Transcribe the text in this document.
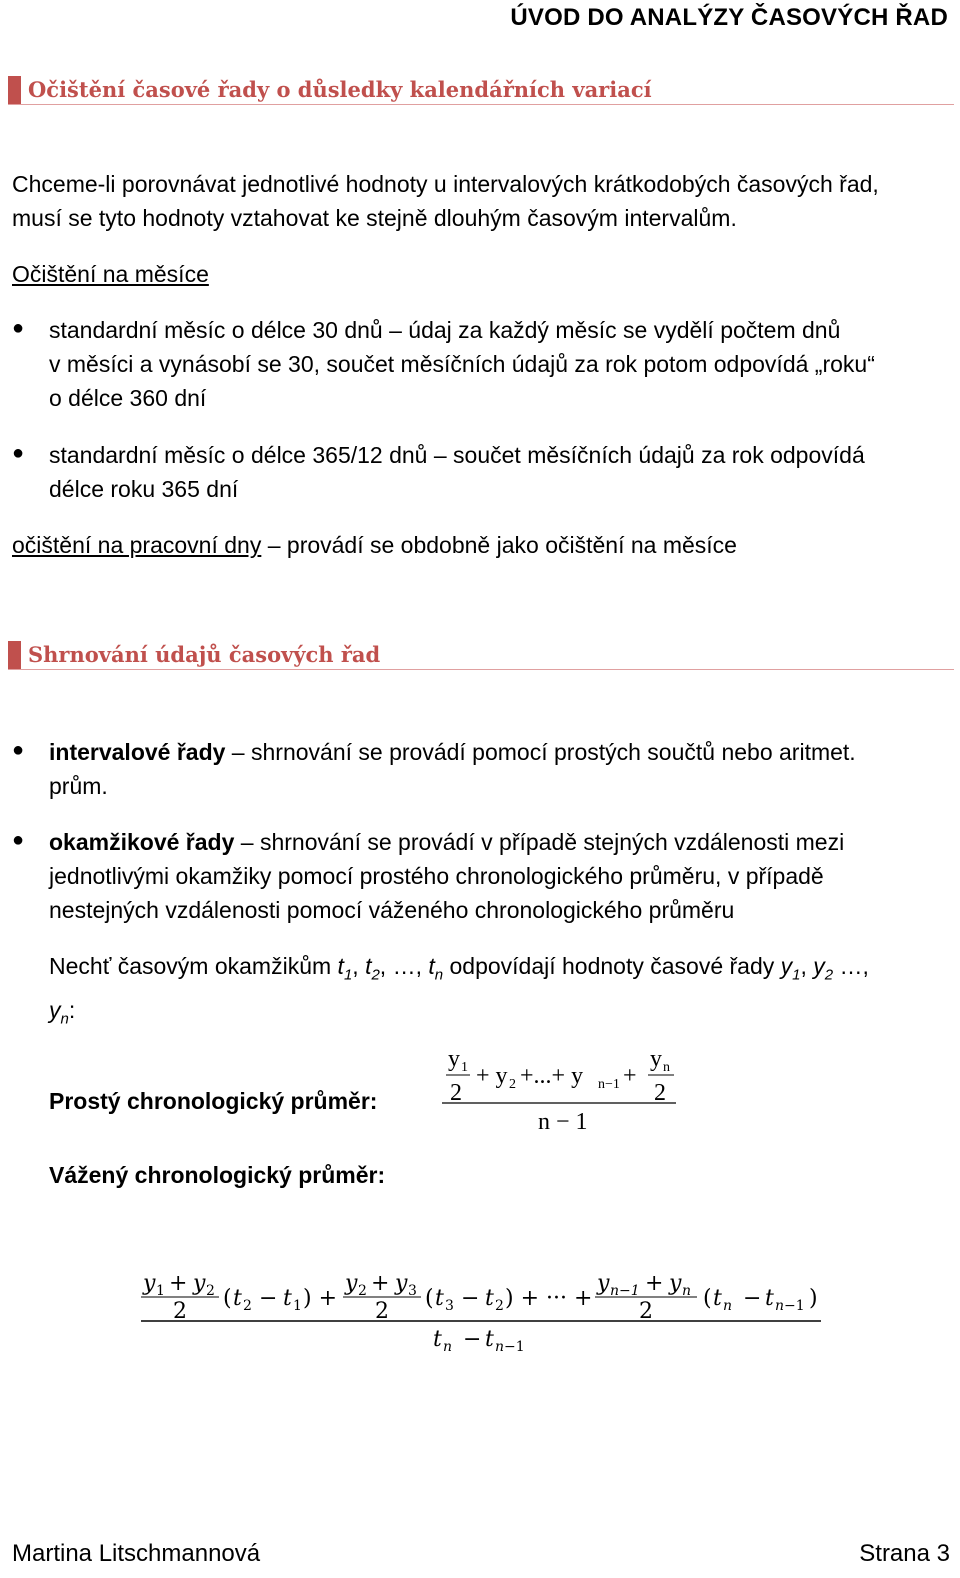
ÚVOD DO ANALÝZY ČASOVÝCH ŘAD
Očištění časové řady o důsledky kalendářních variací
Chceme-li porovnávat jednotlivé hodnoty u intervalových krátkodobých časových řad,
musí se tyto hodnoty vztahovat ke stejně dlouhým časovým intervalům.
Očištění na měsíce
● standardní měsíc o délce 30 dnů – údaj za každý měsíc se vydělí počtem dnů
v měsíci a vynásobí se 30, součet měsíčních údajů za rok potom odpovídá „roku“
o délce 360 dní
● standardní měsíc o délce 365/12 dnů – součet měsíčních údajů za rok odpovídá
délce roku 365 dní
očištění na pracovní dny – provádí se obdobně jako očištění na měsíce
Shrnování údajů časových řad
● intervalové řady – shrnování se provádí pomocí prostých součtů nebo aritmet.
prům.
● okamžikové řady – shrnování se provádí v případě stejných vzdálenosti mezi
jednotlivými okamžiky pomocí prostého chronologického průměru, v případě
nestejných vzdálenosti pomocí váženého chronologického průměru
Nechť časovým okamžikům $t_1$, $t_2$, …, $t_n$ odpovídají hodnoty časové řady $y_1$, $y_2$ …,
$y_n$:
Prostý chronologický průměr:
y 1
2
+ y 2 +...+ y n−1 +
y n
2
n − 1
Vážený chronologický průměr:
y 1 + y 2
2
( t 2 − t 1 ) +
y 2 + y 3
2
( t 3 − t 2 ) + ··· +
y n −1 + y n
2
( t n − t n −1 )
t n − t n −1
Martina Litschmannová	Strana 3
